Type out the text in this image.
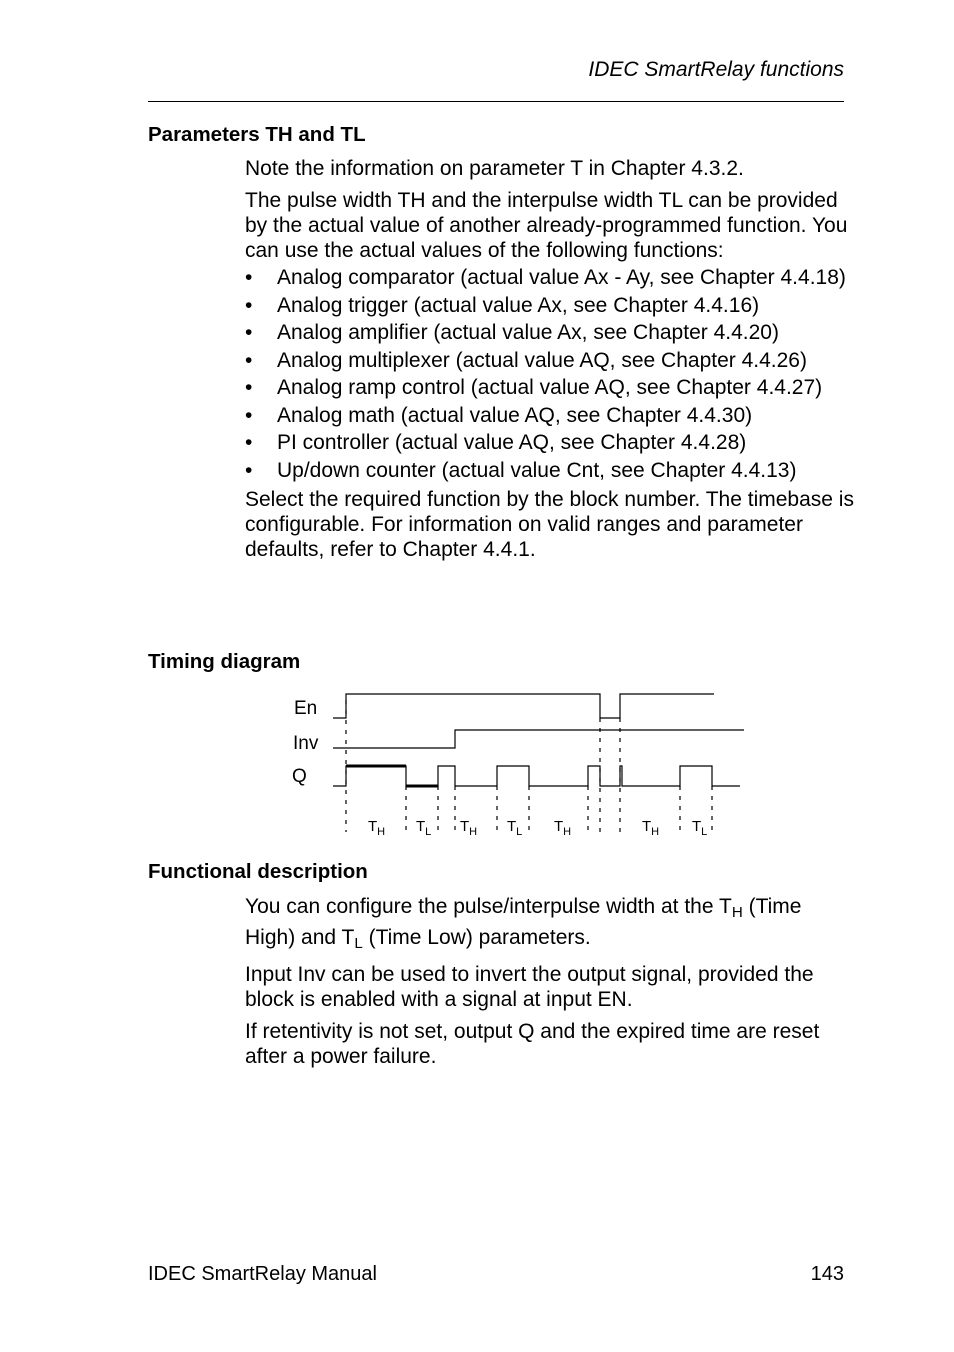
IDEC SmartRelay functions
Parameters TH and TL

Note the information on parameter T in Chapter 4.3.2.

The pulse width TH and the interpulse width TL can be provided by the actual value of another already-programmed function. You can use the actual values of the following functions:

• Analog comparator (actual value Ax - Ay, see Chapter 4.4.18)
• Analog trigger (actual value Ax, see Chapter 4.4.16)
• Analog amplifier (actual value Ax, see Chapter 4.4.20)
• Analog multiplexer (actual value AQ, see Chapter 4.4.26)
• Analog ramp control (actual value AQ, see Chapter 4.4.27)
• Analog math (actual value AQ, see Chapter 4.4.30)
• PI controller (actual value AQ, see Chapter 4.4.28)
• Up/down counter (actual value Cnt, see Chapter 4.4.13)

Select the required function by the block number. The timebase is configurable. For information on valid ranges and parameter defaults, refer to Chapter 4.4.1.

Timing diagram
En
Inv
Q
$T_H$ $T_L$ $T_H$ $T_L$ $T_H$	$T_H$ $T_L$
Functional description

You can configure the pulse/interpulse width at the $T_H$ (Time High) and $T_L$ (Time Low) parameters.

Input Inv can be used to invert the output signal, provided the block is enabled with a signal at input EN.

If retentivity is not set, output Q and the expired time are reset after a power failure.

IDEC SmartRelay Manual	143
